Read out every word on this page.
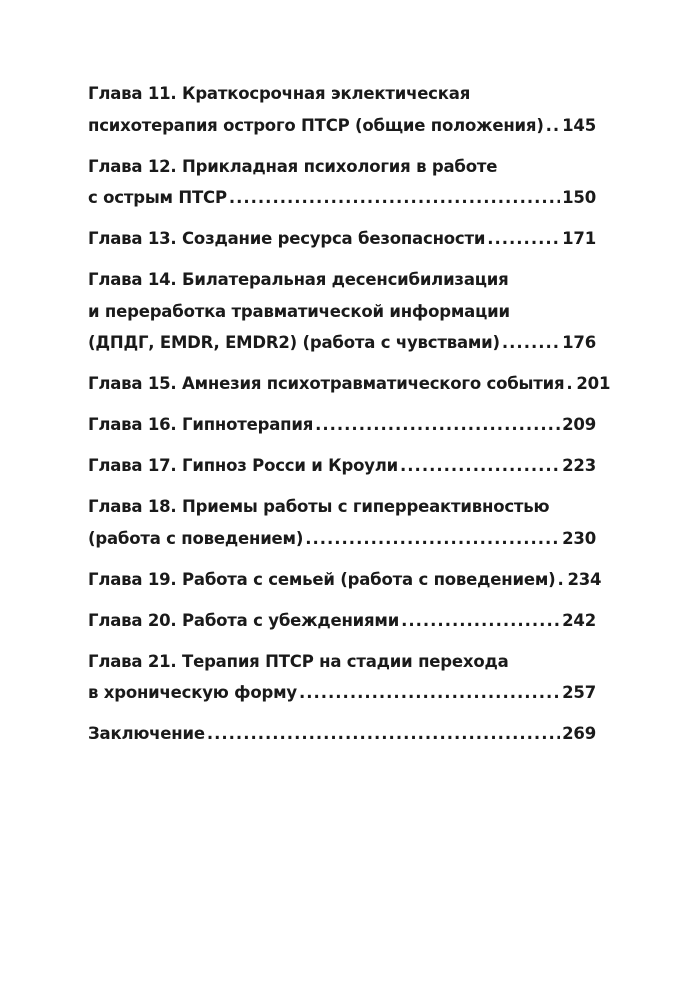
Глава 11. Краткосрочная эклектическая
психотерапия острого ПТСР (общие положения) ..... 145
Глава 12. Прикладная психология в работе
с острым ПТСР .....	150
Глава 13. Создание ресурса безопасности .....	171
Глава 14. Билатеральная десенсибилизация
и переработка травматической информации
(ДПДГ, EMDR, EMDR2) (работа с чувствами) .....	176
Глава 15. Амнезия психотравматического события ..... 201
Глава 16. Гипнотерапия .....	209
Глава 17. Гипноз Росси и Кроули .....	223
Глава 18. Приемы работы с гиперреактивностью
(работа с поведением) .....	230
Глава 19. Работа с семьей (работа с поведением) ..... 234
Глава 20. Работа с убеждениями .....	242
Глава 21. Терапия ПТСР на стадии перехода
в хроническую форму .....	257
Заключение .....	269
